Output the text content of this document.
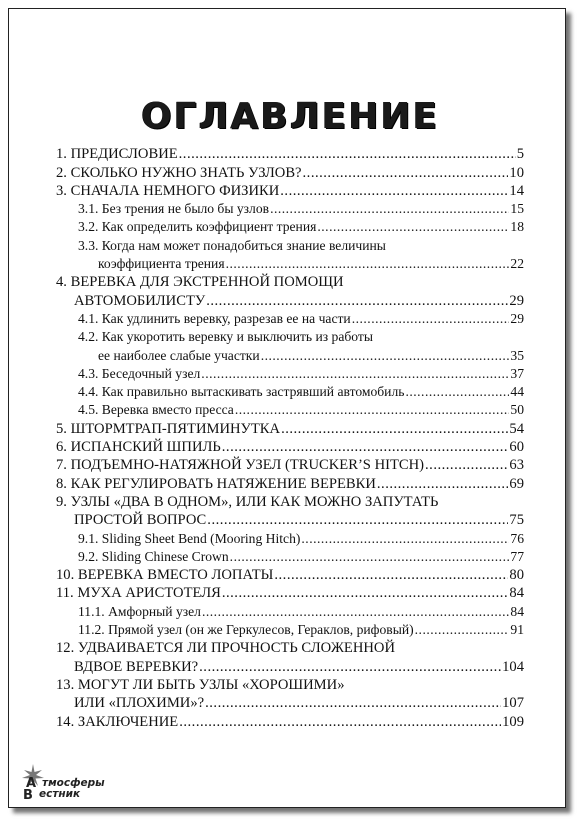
ОГЛАВЛЕНИЕ
1. ПРЕДИСЛОВИЕ .....	5
2. СКОЛЬКО НУЖНО ЗНАТЬ УЗЛОВ? .....	10
3. СНАЧАЛА НЕМНОГО ФИЗИКИ .....	14
3.1. Без трения не было бы узлов .....	15
3.2. Как определить коэффициент трения .....	18
3.3. Когда нам может понадобиться знание величины
коэффициента трения .....	22
4. ВЕРЕВКА ДЛЯ ЭКСТРЕННОЙ ПОМОЩИ
АВТОМОБИЛИСТУ .....	29
4.1. Как удлинить веревку, разрезав ее на части .....	29
4.2. Как укоротить веревку и выключить из работы
ее наиболее слабые участки .....	35
4.3. Беседочный узел .....	37
4.4. Как правильно вытаскивать застрявший автомобиль .....	44
4.5. Веревка вместо пресса .....	50
5. ШТОРМТРАП-ПЯТИМИНУТКА .....	54
6. ИСПАНСКИЙ ШПИЛЬ .....	60
7. ПОДЪЕМНО-НАТЯЖНОЙ УЗЕЛ (TRUCKER’S HITCH) .....	63
8. КАК РЕГУЛИРОВАТЬ НАТЯЖЕНИЕ ВЕРЕВКИ .....	69
9. УЗЛЫ «ДВА В ОДНОМ», ИЛИ КАК МОЖНО ЗАПУТАТЬ
ПРОСТОЙ ВОПРОС .....	75
9.1. Sliding Sheet Bend (Mooring Hitch) .....	76
9.2. Sliding Chinese Crown .....	77
10. ВЕРЕВКА ВМЕСТО ЛОПАТЫ .....	80
11. МУХА АРИСТОТЕЛЯ .....	84
11.1. Амфорный узел .....	84
11.2. Прямой узел (он же Геркулесов, Гераклов, рифовый) .....	91
12. УДВАИВАЕТСЯ ЛИ ПРОЧНОСТЬ СЛОЖЕННОЙ
ВДВОЕ ВЕРЕВКИ? .....	104
13. МОГУТ ЛИ БЫТЬ УЗЛЫ «ХОРОШИМИ»
ИЛИ «ПЛОХИМИ»? .....	107
14. ЗАКЛЮЧЕНИЕ .....	109
А
В
тмосферы
естник
